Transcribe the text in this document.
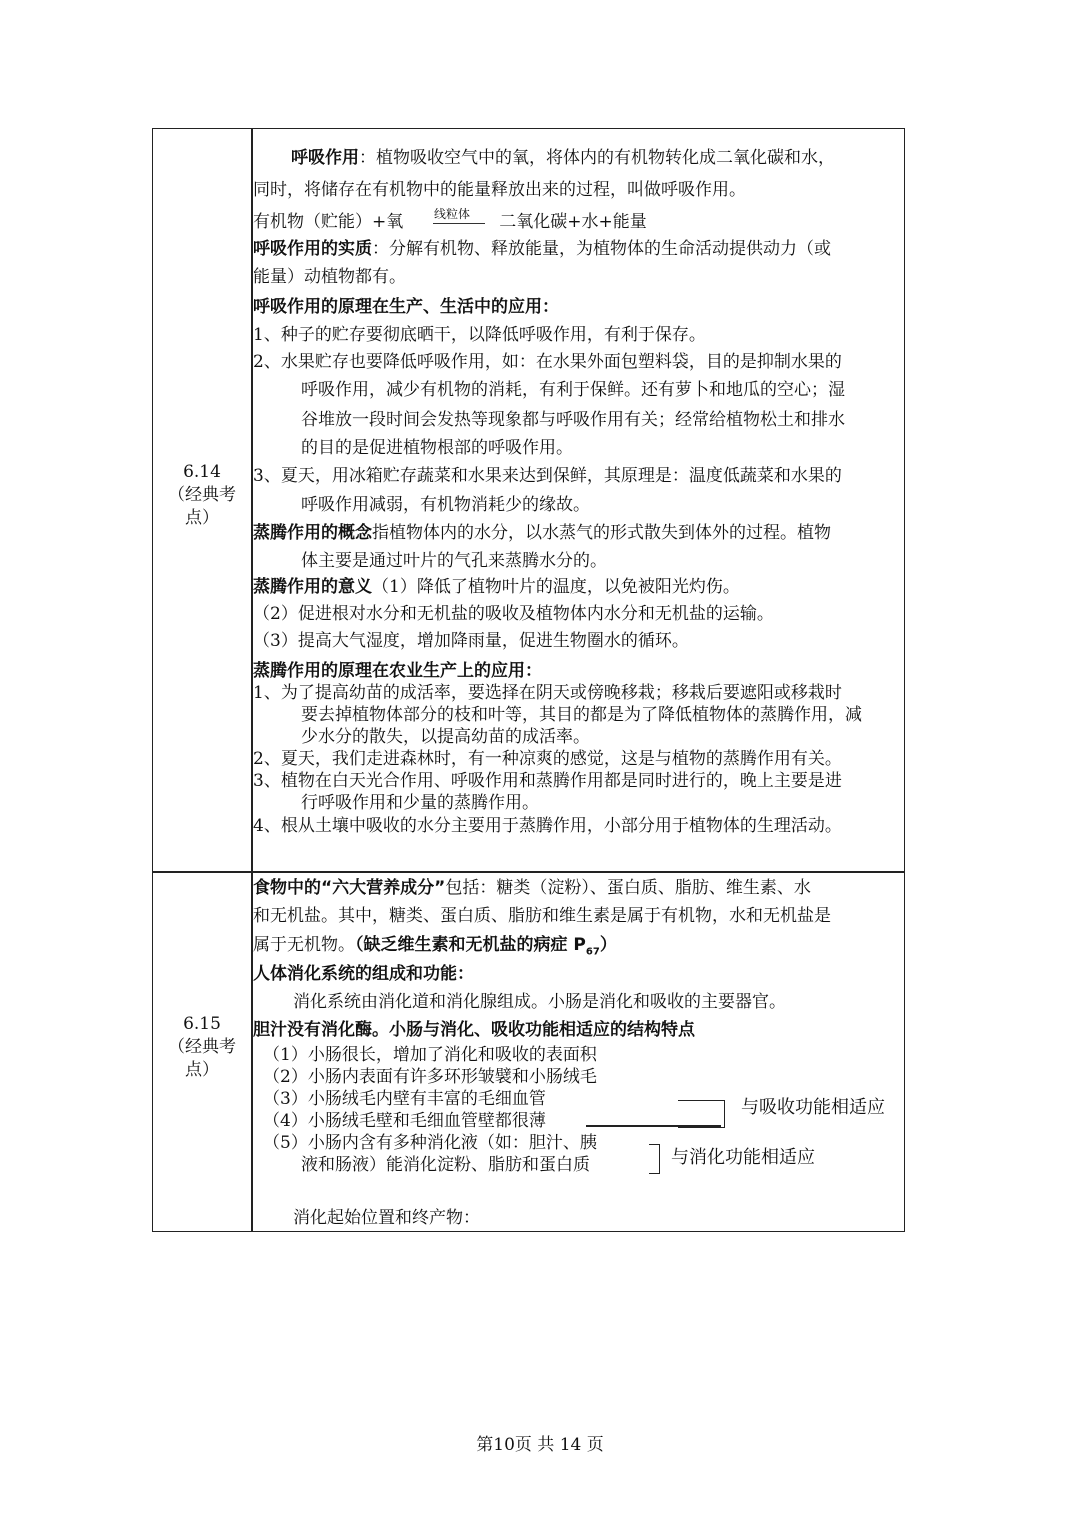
6.14
（经典考
点）
呼吸作用：植物吸收空气中的氧，将体内的有机物转化成二氧化碳和水，
同时，将储存在有机物中的能量释放出来的过程，叫做呼吸作用。
有机物（贮能）+氧	二氧化碳+水+能量
线粒体
呼吸作用的实质：分解有机物、释放能量，为植物体的生命活动提供动力（或
能量）动植物都有。
呼吸作用的原理在生产、生活中的应用：
1、种子的贮存要彻底晒干，以降低呼吸作用，有利于保存。
2、水果贮存也要降低呼吸作用，如：在水果外面包塑料袋，目的是抑制水果的
呼吸作用，减少有机物的消耗，有利于保鲜。还有萝卜和地瓜的空心；湿
谷堆放一段时间会发热等现象都与呼吸作用有关；经常给植物松土和排水
的目的是促进植物根部的呼吸作用。
3、夏天，用冰箱贮存蔬菜和水果来达到保鲜，其原理是：温度低蔬菜和水果的
呼吸作用减弱，有机物消耗少的缘故。
蒸腾作用的概念指植物体内的水分，以水蒸气的形式散失到体外的过程。植物
体主要是通过叶片的气孔来蒸腾水分的。
蒸腾作用的意义（1）降低了植物叶片的温度，以免被阳光灼伤。
（2）促进根对水分和无机盐的吸收及植物体内水分和无机盐的运输。
（3）提高大气湿度，增加降雨量，促进生物圈水的循环。
蒸腾作用的原理在农业生产上的应用：
1、为了提高幼苗的成活率，要选择在阴天或傍晚移栽；移栽后要遮阳或移栽时
要去掉植物体部分的枝和叶等，其目的都是为了降低植物体的蒸腾作用，减
少水分的散失，以提高幼苗的成活率。
2、夏天，我们走进森林时，有一种凉爽的感觉，这是与植物的蒸腾作用有关。
3、植物在白天光合作用、呼吸作用和蒸腾作用都是同时进行的，晚上主要是进
行呼吸作用和少量的蒸腾作用。
4、根从土壤中吸收的水分主要用于蒸腾作用，小部分用于植物体的生理活动。
6.15
（经典考
点）
食物中的“六大营养成分”包括：糖类（淀粉）、蛋白质、脂肪、维生素、水
和无机盐。其中，糖类、蛋白质、脂肪和维生素是属于有机物，水和无机盐是
属于无机物。（缺乏维生素和无机盐的病症 $P_{67}$）
人体消化系统的组成和功能：
消化系统由消化道和消化腺组成。小肠是消化和吸收的主要器官。
胆汁没有消化酶。小肠与消化、吸收功能相适应的结构特点
（1）小肠很长，增加了消化和吸收的表面积
（2）小肠内表面有许多环形皱襞和小肠绒毛
（3）小肠绒毛内壁有丰富的毛细血管
（4）小肠绒毛壁和毛细血管壁都很薄
（5）小肠内含有多种消化液（如：胆汁、胰
液和肠液）能消化淀粉、脂肪和蛋白质
与吸收功能相适应
与消化功能相适应
消化起始位置和终产物：
第10页 共 14 页
